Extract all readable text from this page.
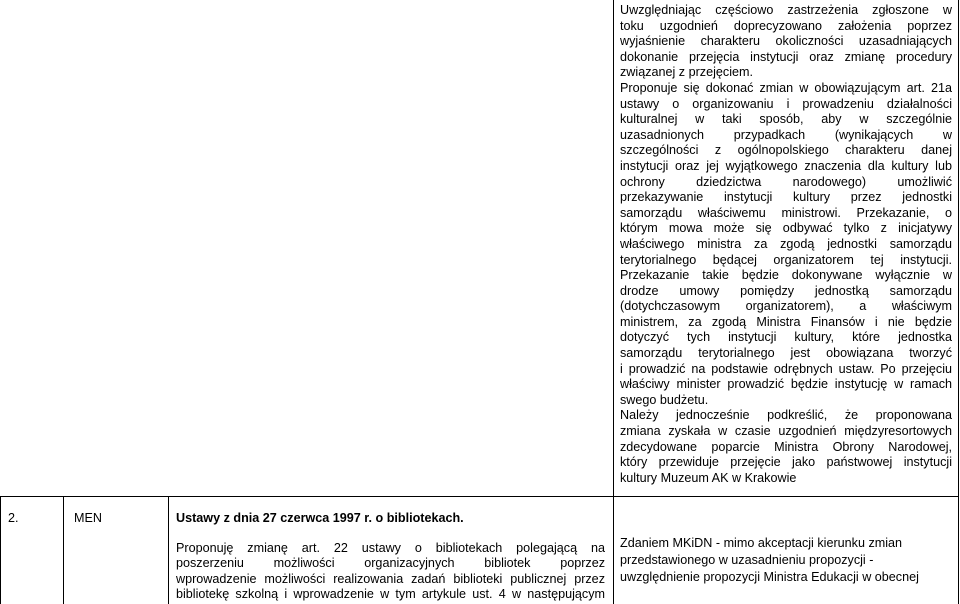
Uwzględniając częściowo zastrzeżenia zgłoszone w

toku uzgodnień doprecyzowano założenia poprzez

wyjaśnienie charakteru okoliczności uzasadniających

dokonanie przejęcia instytucji oraz zmianę procedury

związanej z przejęciem.

Proponuje się dokonać zmian w obowiązującym art. 21a

ustawy o organizowaniu i prowadzeniu działalności

kulturalnej w taki sposób, aby w szczególnie

uzasadnionych przypadkach (wynikających w

szczególności z ogólnopolskiego charakteru danej

instytucji oraz jej wyjątkowego znaczenia dla kultury lub

ochrony dziedzictwa narodowego) umożliwić

przekazywanie instytucji kultury przez jednostki

samorządu właściwemu ministrowi. Przekazanie, o

którym mowa może się odbywać tylko z inicjatywy

właściwego ministra za zgodą jednostki samorządu

terytorialnego będącej organizatorem tej instytucji.

Przekazanie takie będzie dokonywane wyłącznie w

drodze umowy pomiędzy jednostką samorządu

(dotychczasowym organizatorem), a właściwym

ministrem, za zgodą Ministra Finansów i nie będzie

dotyczyć tych instytucji kultury, które jednostka

samorządu terytorialnego jest obowiązana tworzyć

i prowadzić na podstawie odrębnych ustaw. Po przejęciu

właściwy minister prowadzić będzie instytucję w ramach

swego budżetu.

Należy jednocześnie podkreślić, że proponowana

zmiana zyskała w czasie uzgodnień międzyresortowych

zdecydowane poparcie Ministra Obrony Narodowej,

który przewiduje przejęcie jako państwowej instytucji

kultury Muzeum AK w Krakowie

2.	MEN	Ustawy z dnia 27 czerwca 1997 r. o bibliotekach.

Proponuję zmianę art. 22 ustawy o bibliotekach polegającą na

poszerzeniu możliwości organizacyjnych bibliotek poprzez

wprowadzenie możliwości realizowania zadań biblioteki publicznej przez

bibliotekę szkolną i wprowadzenie w tym artykule ust. 4 w następującym

Zdaniem MKiDN - mimo akceptacji kierunku zmian

przedstawionego w uzasadnieniu propozycji -

uwzględnienie propozycji Ministra Edukacji w obecnej
